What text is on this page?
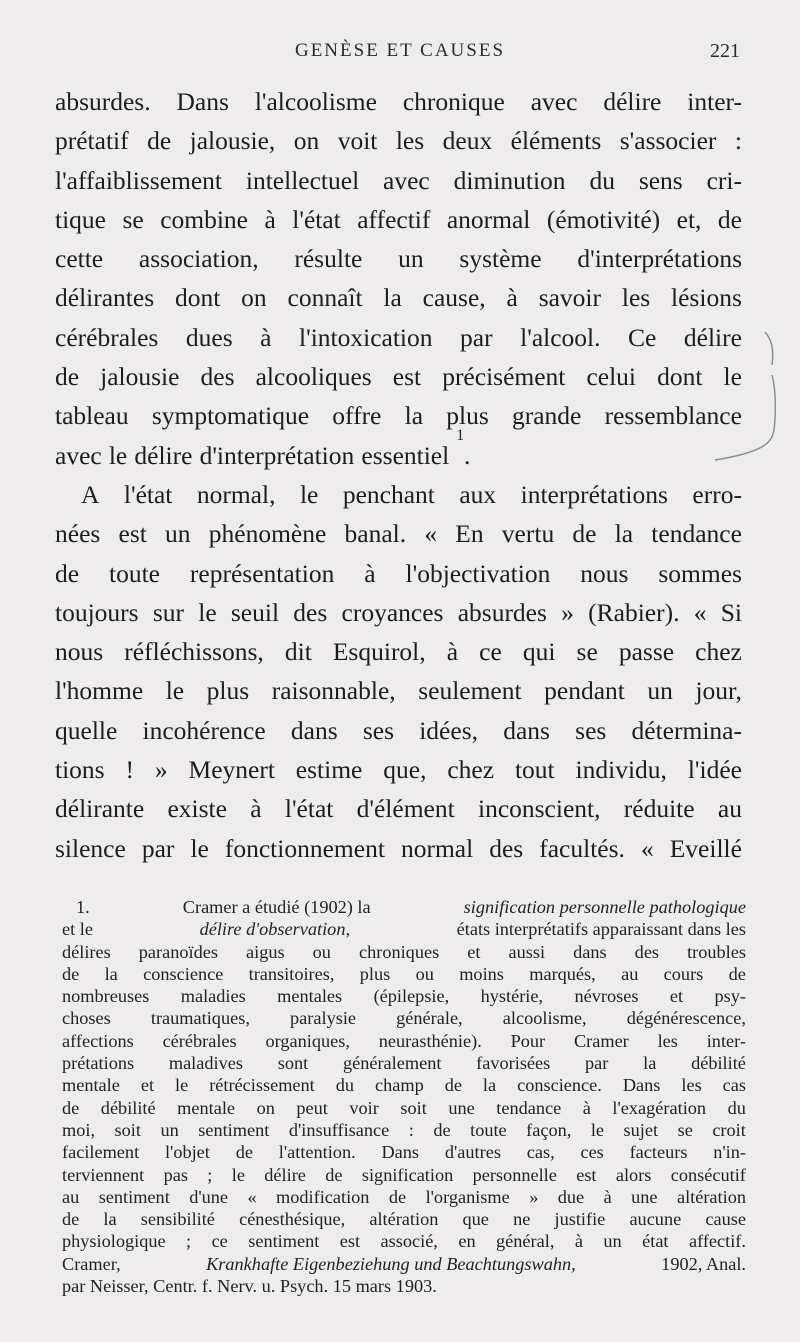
GENÈSE ET CAUSES	221
absurdes. Dans l'alcoolisme chronique avec délire inter-
prétatif de jalousie, on voit les deux éléments s'associer :
l'affaiblissement intellectuel avec diminution du sens cri-
tique se combine à l'état affectif anormal (émotivité) et, de
cette association, résulte un système d'interprétations
délirantes dont on connaît la cause, à savoir les lésions
cérébrales dues à l'intoxication par l'alcool. Ce délire
de jalousie des alcooliques est précisément celui dont le
tableau symptomatique offre la plus grande ressemblance
avec le délire d'interprétation essentiel
1
.
A l'état normal, le penchant aux interprétations erro-
nées est un phénomène banal. « En vertu de la tendance
de toute représentation à l'objectivation nous sommes
toujours sur le seuil des croyances absurdes » (Rabier). « Si
nous réfléchissons, dit Esquirol, à ce qui se passe chez
l'homme le plus raisonnable, seulement pendant un jour,
quelle incohérence dans ses idées, dans ses détermina-
tions ! » Meynert estime que, chez tout individu, l'idée
délirante existe à l'état d'élément inconscient, réduite au
silence par le fonctionnement normal des facultés. « Eveillé
1.	Cramer a étudié (1902) la	signification personnelle pathologique
et le	délire d'observation,	états interprétatifs apparaissant dans les
délires paranoïdes aigus ou chroniques et aussi dans des troubles
de la conscience transitoires, plus ou moins marqués, au cours de
nombreuses maladies mentales (épilepsie, hystérie, névroses et psy-
choses traumatiques, paralysie générale, alcoolisme, dégénérescence,
affections cérébrales organiques, neurasthénie). Pour Cramer les inter-
prétations maladives sont généralement favorisées par la débilité
mentale et le rétrécissement du champ de la conscience. Dans les cas
de débilité mentale on peut voir soit une tendance à l'exagération du
moi, soit un sentiment d'insuffisance : de toute façon, le sujet se croit
facilement l'objet de l'attention. Dans d'autres cas, ces facteurs n'in-
terviennent pas ; le délire de signification personnelle est alors consécutif
au sentiment d'une « modification de l'organisme » due à une altération
de la sensibilité cénesthésique, altération que ne justifie aucune cause
physiologique ; ce sentiment est associé, en général, à un état affectif.
Cramer,	Krankhafte Eigenbeziehung und Beachtungswahn,	1902, Anal.
par Neisser, Centr. f. Nerv. u. Psych. 15 mars 1903.
